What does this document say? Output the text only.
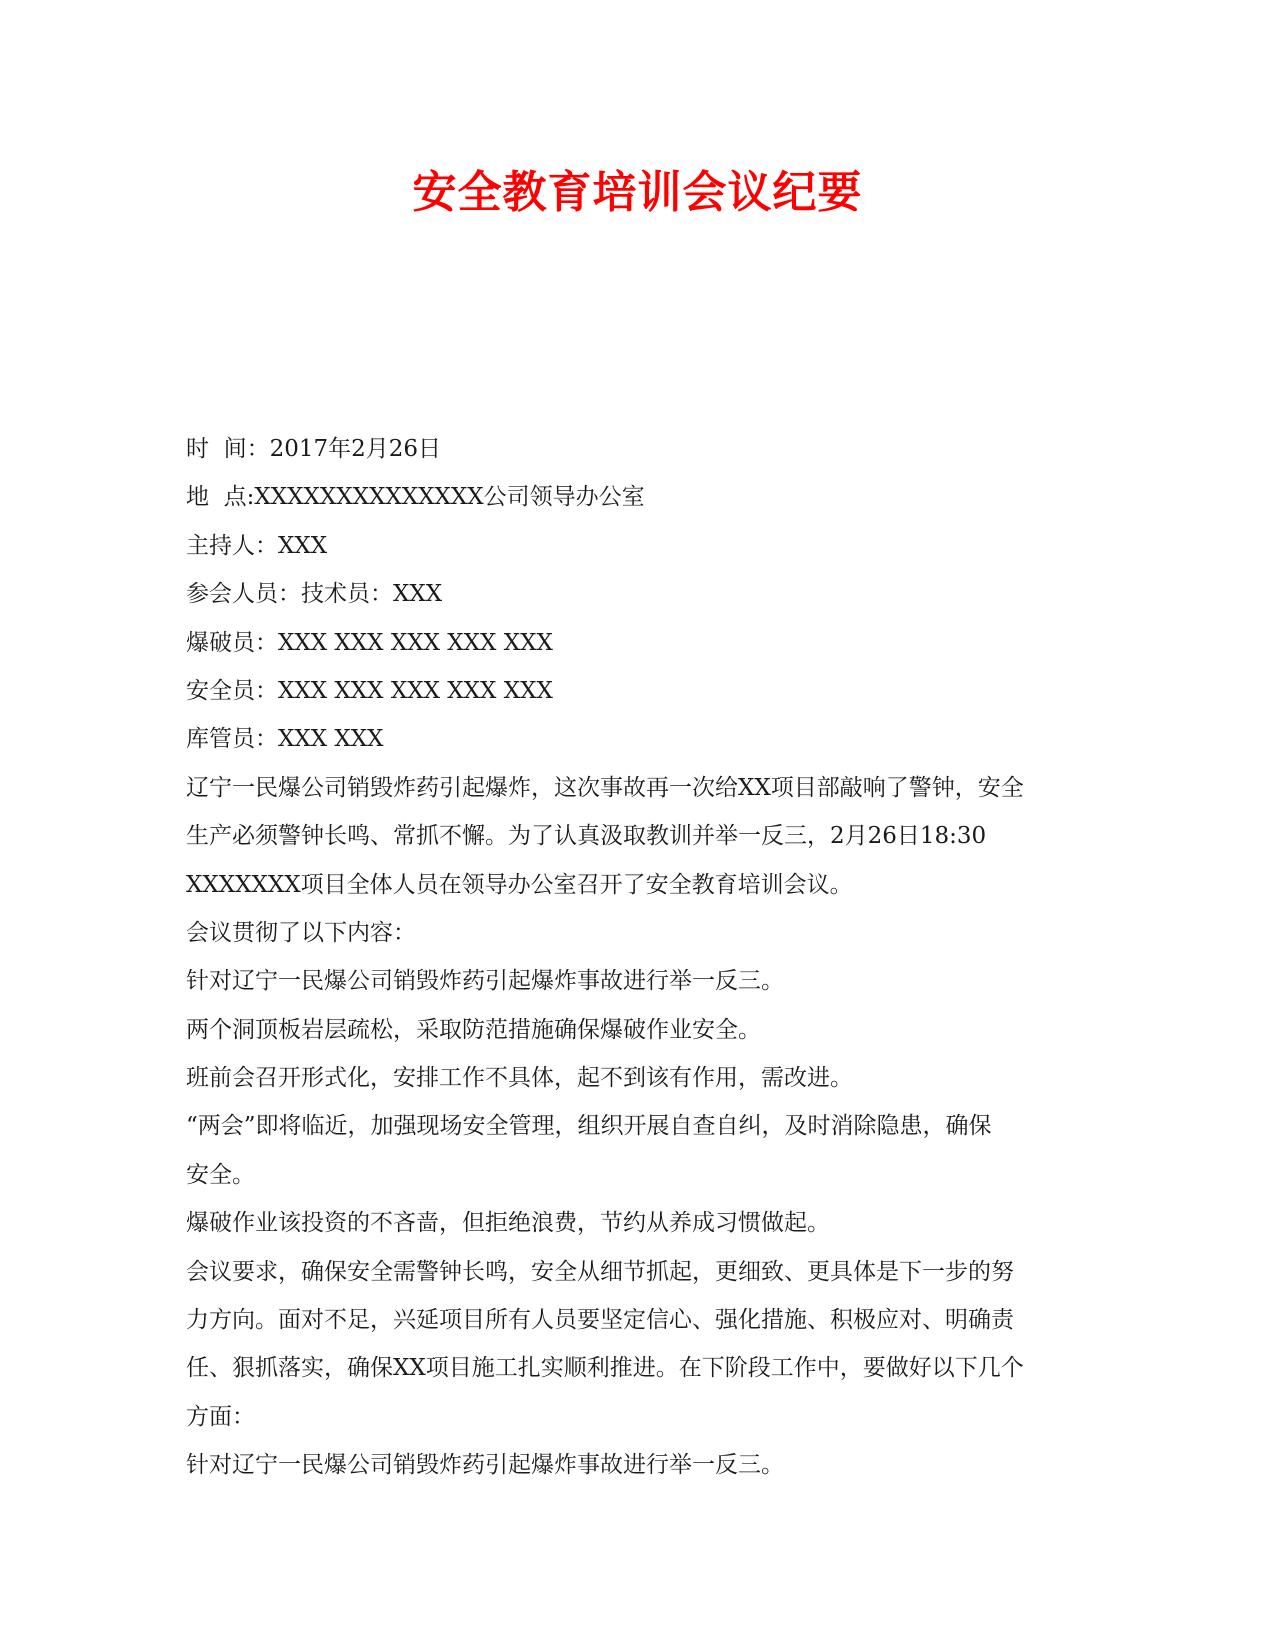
安全教育培训会议纪要

时  间：2017年2月26日

地  点:XXXXXXXXXXXXXX公司领导办公室

主持人：XXX

参会人员：技术员：XXX

爆破员：XXX XXX XXX XXX XXX

安全员：XXX XXX XXX XXX XXX

库管员：XXX XXX

辽宁一民爆公司销毁炸药引起爆炸，这次事故再一次给XX项目部敲响了警钟，安全

生产必须警钟长鸣、常抓不懈。为了认真汲取教训并举一反三，2月26日18:30

XXXXXXX项目全体人员在领导办公室召开了安全教育培训会议。

会议贯彻了以下内容：

针对辽宁一民爆公司销毁炸药引起爆炸事故进行举一反三。

两个洞顶板岩层疏松，采取防范措施确保爆破作业安全。

班前会召开形式化，安排工作不具体，起不到该有作用，需改进。

“两会”即将临近，加强现场安全管理，组织开展自查自纠，及时消除隐患，确保

安全。

爆破作业该投资的不吝啬，但拒绝浪费，节约从养成习惯做起。

会议要求，确保安全需警钟长鸣，安全从细节抓起，更细致、更具体是下一步的努

力方向。面对不足，兴延项目所有人员要坚定信心、强化措施、积极应对、明确责

任、狠抓落实，确保XX项目施工扎实顺利推进。在下阶段工作中，要做好以下几个

方面：

针对辽宁一民爆公司销毁炸药引起爆炸事故进行举一反三。
